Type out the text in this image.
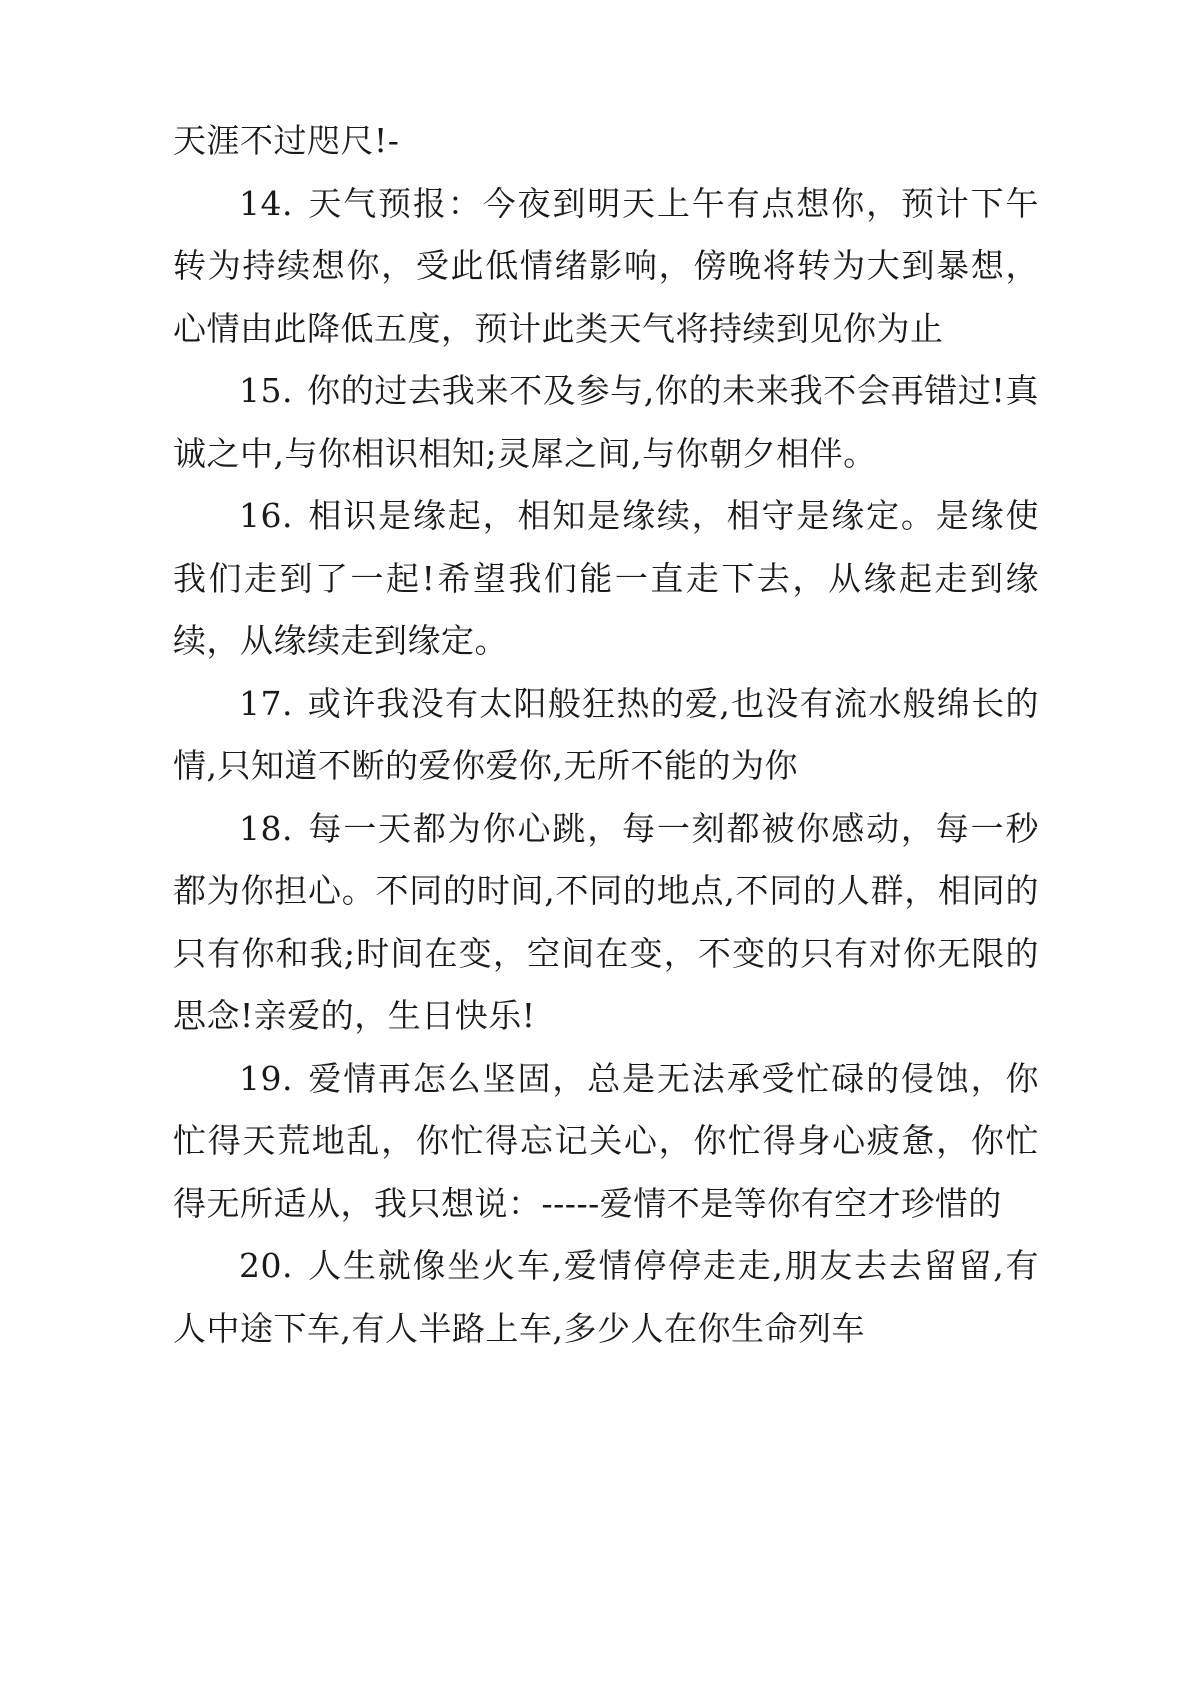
天涯不过咫尺!-

14. 天气预报：今夜到明天上午有点想你，预计下午转为持续想你，受此低情绪影响，傍晚将转为大到暴想，心情由此降低五度，预计此类天气将持续到见你为止

15. 你的过去我来不及参与,你的未来我不会再错过!真诚之中,与你相识相知;灵犀之间,与你朝夕相伴。

16. 相识是缘起，相知是缘续，相守是缘定。是缘使我们走到了一起!希望我们能一直走下去，从缘起走到缘续，从缘续走到缘定。

17. 或许我没有太阳般狂热的爱,也没有流水般绵长的情,只知道不断的爱你爱你,无所不能的为你

18. 每一天都为你心跳，每一刻都被你感动，每一秒都为你担心。不同的时间,不同的地点,不同的人群，相同的只有你和我;时间在变，空间在变，不变的只有对你无限的思念!亲爱的，生日快乐!

19. 爱情再怎么坚固，总是无法承受忙碌的侵蚀，你忙得天荒地乱，你忙得忘记关心，你忙得身心疲惫，你忙得无所适从，我只想说：-----爱情不是等你有空才珍惜的

20. 人生就像坐火车,爱情停停走走,朋友去去留留,有人中途下车,有人半路上车,多少人在你生命列车
